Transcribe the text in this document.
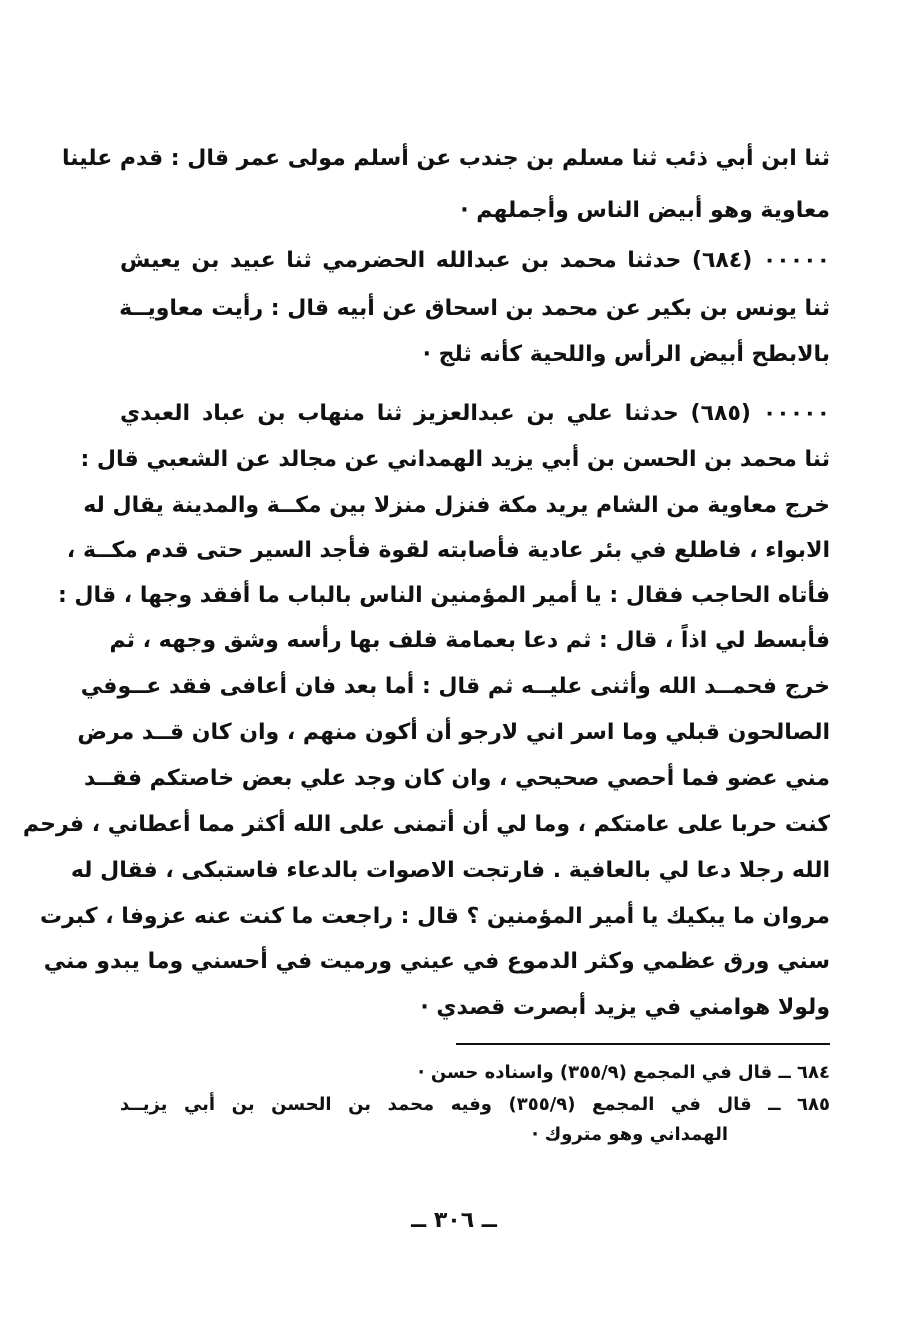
ثنا ابن أبي ذئب ثنا مسلم بن جندب عن أسلم مولى عمر قال : قدم علينا
معاوية وهو أبيض الناس وأجملهم ·
٠٠٠٠٠ (٦٨٤) حدثنا محمد بن عبدالله الحضرمي ثنا عبيد بن يعيش
ثنا يونس بن بكير عن محمد بن اسحاق عن أبيه قال : رأيت معاويــة
بالابطح أبيض الرأس واللحية كأنه ثلج ·
٠٠٠٠٠ (٦٨٥) حدثنا علي بن عبدالعزيز ثنا منهاب بن عباد العبدي
ثنا محمد بن الحسن بن أبي يزيد الهمداني عن مجالد عن الشعبي قال :
خرج معاوية من الشام يريد مكة فنزل منزلا بين مكــة والمدينة يقال له
الابواء ، فاطلع في بئر عادية فأصابته لقوة فأجد السير حتى قدم مكــة ،
فأتاه الحاجب فقال : يا أمير المؤمنين الناس بالباب ما أفقد وجها ، قال :
فأبسط لي اذاً ، قال : ثم دعا بعمامة فلف بها رأسه وشق وجهه ، ثم
خرج فحمــد الله وأثنى عليــه ثم قال : أما بعد فان أعافى فقد عــوفي
الصالحون قبلي وما اسر اني لارجو أن أكون منهم ، وان كان قــد مرض
مني عضو فما أحصي صحيحي ، وان كان وجد علي بعض خاصتكم فقــد
كنت حربا على عامتكم ، وما لي أن أتمنى على الله أكثر مما أعطاني ، فرحم
الله رجلا دعا لي بالعافية . فارتجت الاصوات بالدعاء فاستبكى ، فقال له
مروان ما يبكيك يا أمير المؤمنين ؟ قال : راجعت ما كنت عنه عزوفا ، كبرت
سني ورق عظمي وكثر الدموع في عيني ورميت في أحسني وما يبدو مني
ولولا هوامني في يزيد أبصرت قصدي ·
٦٨٤ ــ قال في المجمع (٣٥٥/٩) واسناده حسن ·
٦٨٥ ــ قال في المجمع (٣٥٥/٩) وفيه محمد بن الحسن بن أبي يزيــد
الهمداني وهو متروك ·
ــ ٣٠٦ ــ
